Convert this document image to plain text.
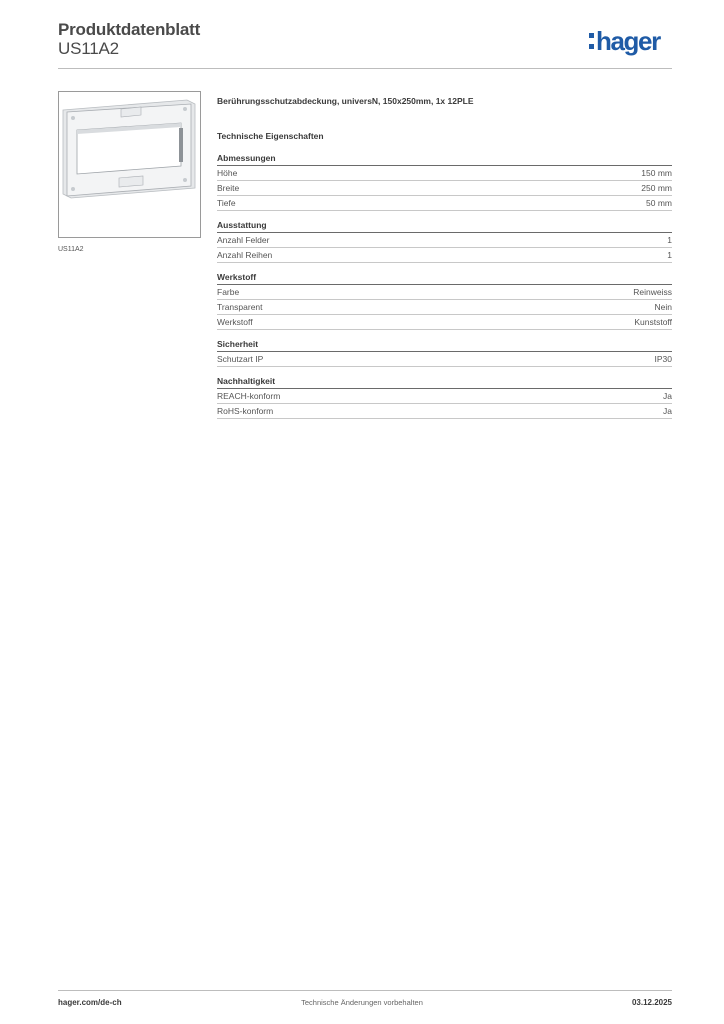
Produktdatenblatt
US11A2	hager
US11A2
Berührungsschutzabdeckung, universN, 150x250mm, 1x 12PLE
Technische Eigenschaften
Abmessungen
Höhe	150 mm
Breite	250 mm
Tiefe	50 mm
Ausstattung
Anzahl Felder	1
Anzahl Reihen	1
Werkstoff
Farbe	Reinweiss
Transparent	Nein
Werkstoff	Kunststoff
Sicherheit
Schutzart IP	IP30
Nachhaltigkeit
REACH-konform	Ja
RoHS-konform	Ja
hager.com/de-ch	Technische Änderungen vorbehalten	03.12.2025
